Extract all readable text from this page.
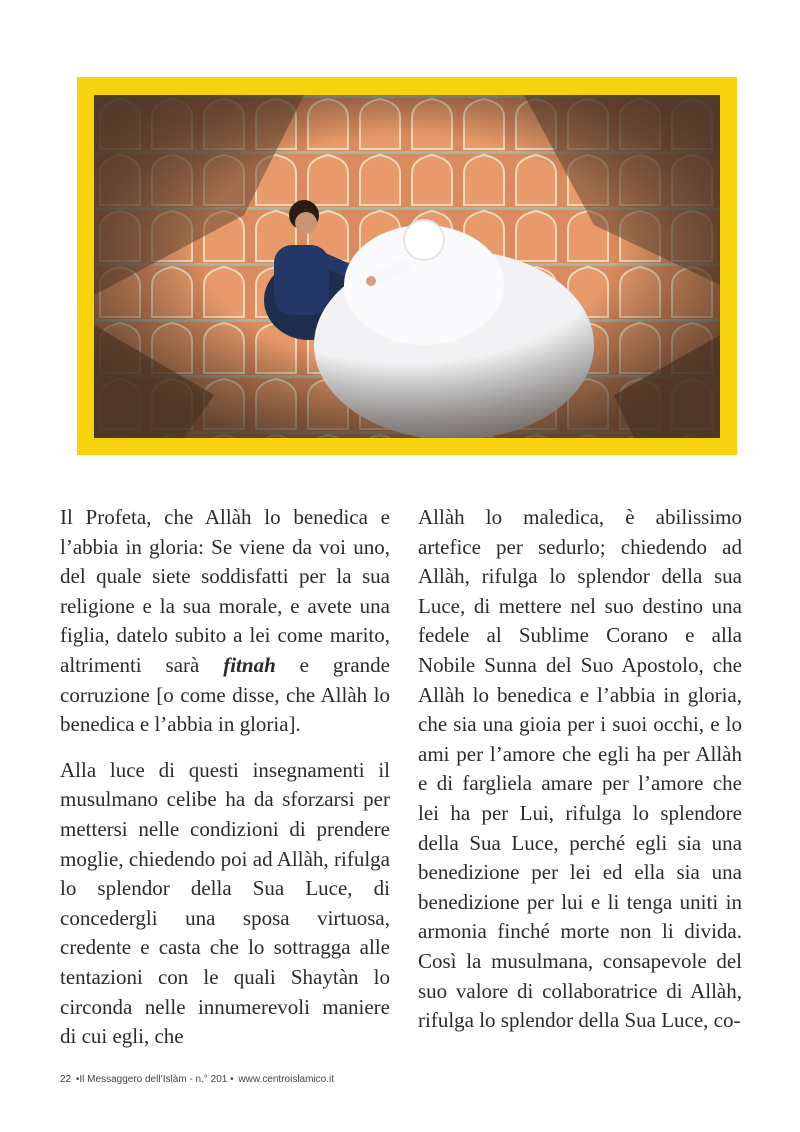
Il Profeta, che Allàh lo benedica e l’abbia in gloria: Se viene da voi uno, del quale siete soddisfatti per la sua religione e la sua morale, e avete una figlia, datelo subito a lei come marito, altrimenti sarà fitnah e grande corruzione [o come disse, che Allàh lo benedica e l’abbia in gloria].

Alla luce di questi insegnamenti il musulmano celibe ha da sforzarsi per mettersi nelle condizioni di prendere moglie, chiedendo poi ad Allàh, rifulga lo splendor della Sua Luce, di concedergli una sposa virtuosa, credente e casta che lo sottragga alle tentazioni con le quali Shaytàn lo circonda nelle innumerevoli maniere di cui egli, che

Allàh lo maledica, è abilissimo artefice per sedurlo; chiedendo ad Allàh, rifulga lo splendor della sua Luce, di mettere nel suo destino una fedele al Sublime Corano e alla Nobile Sunna del Suo Apostolo, che Allàh lo benedica e l’abbia in gloria, che sia una gioia per i suoi occhi, e lo ami per l’amore che egli ha per Allàh e di fargliela amare per l’amore che lei ha per Lui, rifulga lo splendore della Sua Luce, perché egli sia una benedizione per lei ed ella sia una benedizione per lui e li tenga uniti in armonia finché morte non li divida. Così la musulmana, consapevole del suo valore di collaboratrice di Allàh, rifulga lo splendor della Sua Luce, co-

22 •Il Messaggero dell’Islàm - n.° 201 • www.centroislamico.it
